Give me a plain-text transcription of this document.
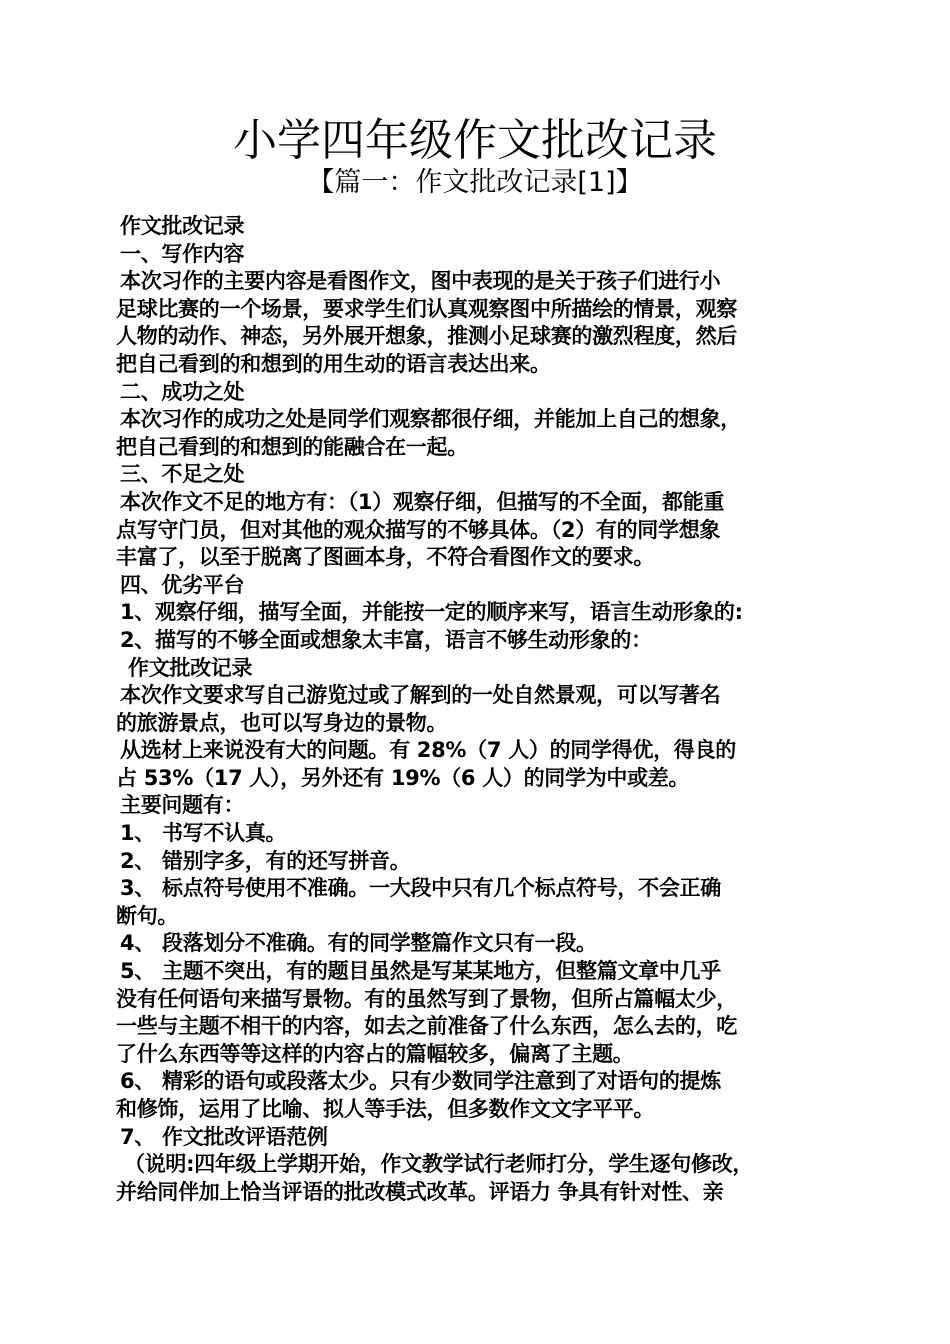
小学四年级作文批改记录
【篇一：作文批改记录[1]】
作文批改记录
一、写作内容
本次习作的主要内容是看图作文，图中表现的是关于孩子们进行小
足球比赛的一个场景，要求学生们认真观察图中所描绘的情景，观察
人物的动作、神态，另外展开想象，推测小足球赛的激烈程度，然后
把自己看到的和想到的用生动的语言表达出来。
二、成功之处
本次习作的成功之处是同学们观察都很仔细，并能加上自己的想象，
把自己看到的和想到的能融合在一起。
三、不足之处
本次作文不足的地方有：（1）观察仔细，但描写的不全面，都能重
点写守门员，但对其他的观众描写的不够具体。（2）有的同学想象
丰富了，以至于脱离了图画本身，不符合看图作文的要求。
四、优劣平台
1、观察仔细，描写全面，并能按一定的顺序来写，语言生动形象的:
2、描写的不够全面或想象太丰富，语言不够生动形象的：
作文批改记录
本次作文要求写自己游览过或了解到的一处自然景观，可以写著名
的旅游景点，也可以写身边的景物。
从选材上来说没有大的问题。有 28%（7 人）的同学得优，得良的
占 53%（17 人），另外还有 19%（6 人）的同学为中或差。
主要问题有：
1、 书写不认真。
2、 错别字多，有的还写拼音。
3、 标点符号使用不准确。一大段中只有几个标点符号，不会正确
断句。
4、 段落划分不准确。有的同学整篇作文只有一段。
5、 主题不突出，有的题目虽然是写某某地方，但整篇文章中几乎
没有任何语句来描写景物。有的虽然写到了景物，但所占篇幅太少，
一些与主题不相干的内容，如去之前准备了什么东西，怎么去的，吃
了什么东西等等这样的内容占的篇幅较多，偏离了主题。
6、 精彩的语句或段落太少。只有少数同学注意到了对语句的提炼
和修饰，运用了比喻、拟人等手法，但多数作文文字平平。
7、 作文批改评语范例
（说明:四年级上学期开始，作文教学试行老师打分，学生逐句修改，
并给同伴加上恰当评语的批改模式改革。评语力 争具有针对性、亲
